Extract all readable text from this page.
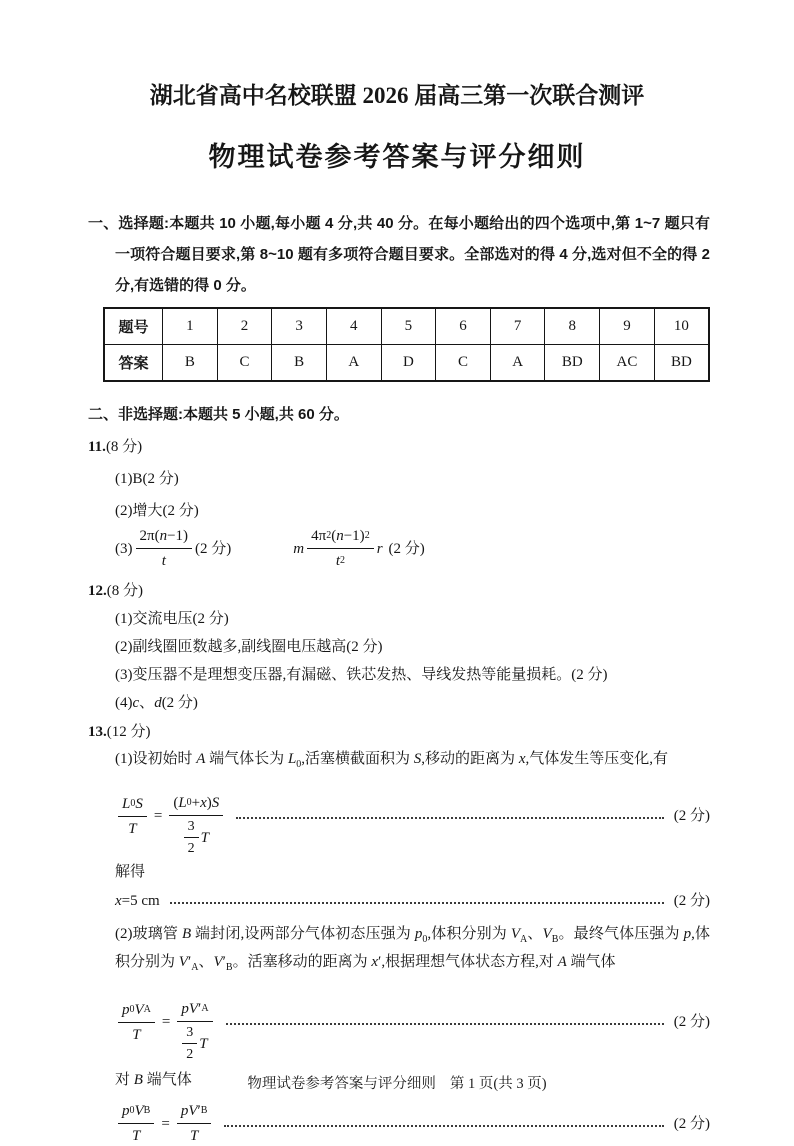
湖北省高中名校联盟 2026 届高三第一次联合测评
物理试卷参考答案与评分细则

一、选择题:本题共 10 小题,每小题 4 分,共 40 分。在每小题给出的四个选项中,第 1~7 题只有一项符合题目要求,第 8~10 题有多项符合题目要求。全部选对的得 4 分,选对但不全的得 2 分,有选错的得 0 分。

题号	1	2	3	4	5	6	7	8	9	10
答案	B	C	B	A	D	C	A	BD	AC	BD

二、非选择题:本题共 5 小题,共 60 分。

11.(8 分)

(1)B(2 分)

(2)增大(2 分)

$(3) \frac{2\pi( n -1)}{t} (2$ 分)	m $\frac{4\pi 2 ( n -1) 2}{t 2}$ r (2 分)
12.(8 分)

(1)交流电压(2 分)

(2)副线圈匝数越多,副线圈电压越高(2 分)

(3)变压器不是理想变压器,有漏磁、铁芯发热、导线发热等能量损耗。(2 分)

(4)c、d(2 分)

13.(12 分)

(1)设初始时 A 端气体长为 $L_0$,活塞横截面积为 S,移动的距离为 x,气体发生等压变化,有

$\frac{L 0 S}{T} = \frac{( L 0 + x ) S}{\frac{3}{2} T}$	(2 分)

解得

x=5 cm	(2 分)

(2)玻璃管 B 端封闭,设两部分气体初态压强为 $p_0$,体积分别为 $V_A$、$V_B$。最终气体压强为 p,体积分别为 $V'_A$、$V'_B$。活塞移动的距离为 x′,根据理想气体状态方程,对 A 端气体

$\frac{\text{p 0 V A}}{T} = \frac{pV ' A}{\frac{3}{2} T}$	(2 分)

对 B 端气体

$\frac{\text{p 0 V B}}{T} = \frac{pV ' B}{T}$	(2 分)
物理试卷参考答案与评分细则 第 1 页(共 3 页)
